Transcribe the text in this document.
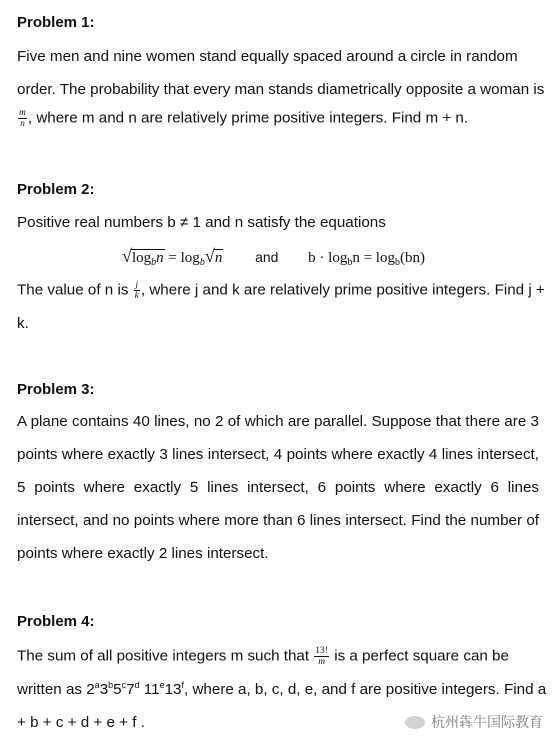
Problem 1:
Five men and nine women stand equally spaced around a circle in random
order. The probability that every man stands diametrically opposite a woman is
$\frac{m}{n}$ , where m and n are relatively prime positive integers. Find m + n.
Problem 2:
Positive real numbers b ≠ 1 and n satisfy the equations
√ $\log_bn = \log_b$ √ n and $b \cdot \log_bn = \log_b(bn)$
The value of n is $\frac{j}{k}$ , where j and k are relatively prime positive integers. Find j +
k.
Problem 3:
A plane contains 40 lines, no 2 of which are parallel. Suppose that there are 3 points where exactly 3 lines intersect, 4 points where exactly 4 lines intersect, 5 points where exactly 5 lines intersect, 6 points where exactly 6 lines intersect, and no points where more than 6 lines intersect. Find the number of points where exactly 2 lines intersect.
Problem 4:
The sum of all positive integers m such that $\frac{13!}{m}$ is a perfect square can be
written as 2$^a$3$^b$5$^c$7$^d$ 11e13$^f$, where a, b, c, d, e, and f are positive integers. Find a
+ b + c + d + e + f .	杭州犇牛国际教育
